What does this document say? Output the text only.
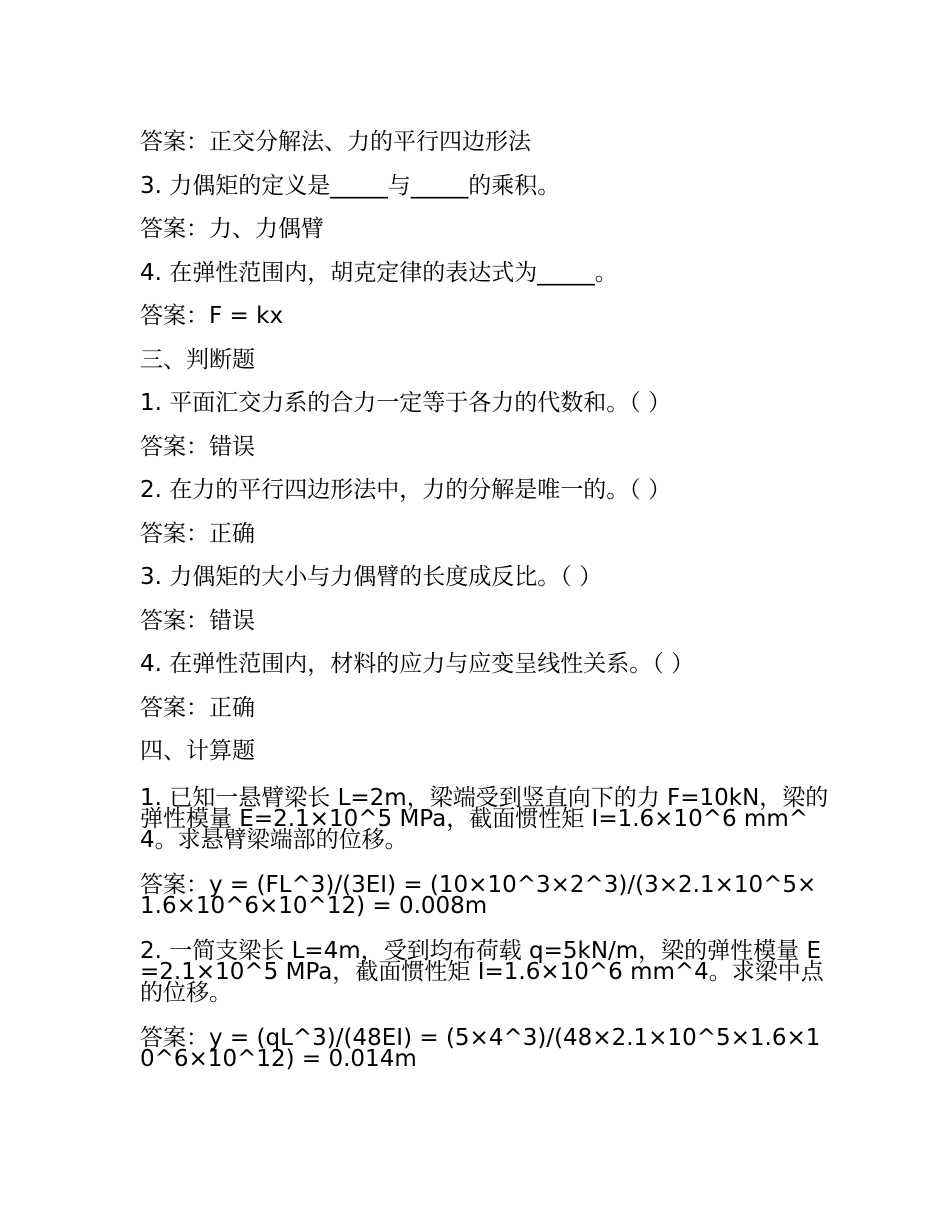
答案：正交分解法、力的平行四边形法
3. 力偶矩的定义是_____与_____的乘积。
答案：力、力偶臂
4. 在弹性范围内，胡克定律的表达式为_____。
答案：F = kx
三、判断题
1. 平面汇交力系的合力一定等于各力的代数和。（ ）
答案：错误
2. 在力的平行四边形法中，力的分解是唯一的。（ ）
答案：正确
3. 力偶矩的大小与力偶臂的长度成反比。（ ）
答案：错误
4. 在弹性范围内，材料的应力与应变呈线性关系。（ ）
答案：正确
四、计算题
1. 已知一悬臂梁长 L=2m，梁端受到竖直向下的力 F=10kN，梁的弹性模量 E=2.1×10^5 MPa，截面惯性矩 I=1.6×10^6 mm^4。求悬臂梁端部的位移。
答案：y = (FL^3)/(3EI) = (10×10^3×2^3)/(3×2.1×10^5×1.6×10^6×10^12) = 0.008m
2. 一简支梁长 L=4m，受到均布荷载 q=5kN/m，梁的弹性模量 E=2.1×10^5 MPa，截面惯性矩 I=1.6×10^6 mm^4。求梁中点的位移。
答案：y = (qL^3)/(48EI) = (5×4^3)/(48×2.1×10^5×1.6×10^6×10^12) = 0.014m
